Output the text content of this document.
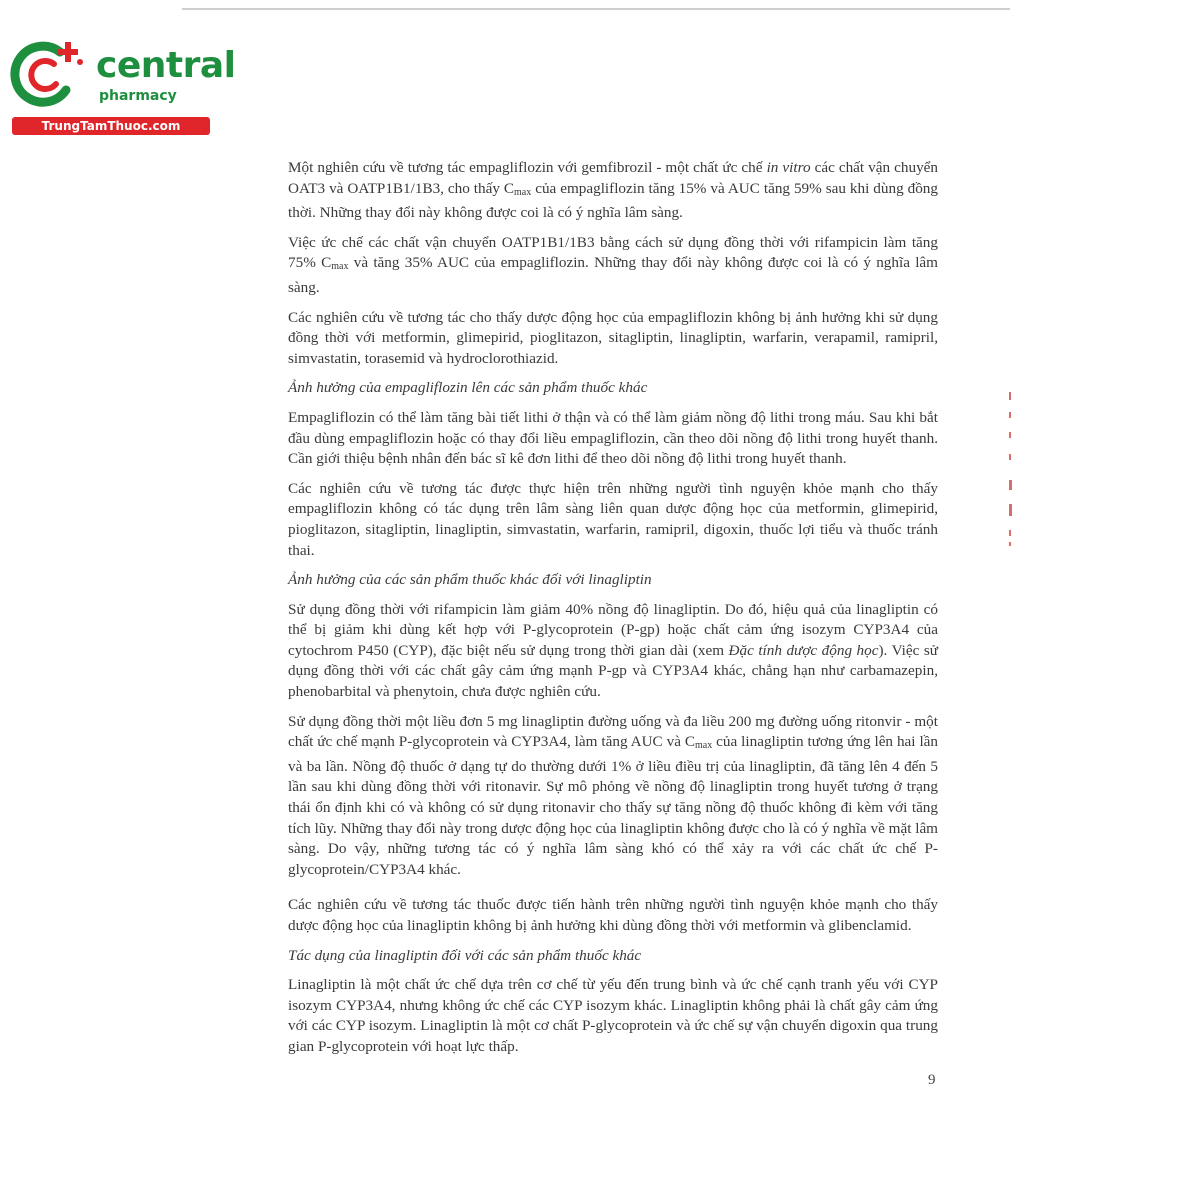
central
pharmacy
TrungTamThuoc.com

Một nghiên cứu về tương tác empagliflozin với gemfibrozil - một chất ức chế in vitro các chất vận chuyển OAT3 và OATP1B1/1B3, cho thấy $C_{max}$ của empagliflozin tăng 15% và AUC tăng 59% sau khi dùng đồng thời. Những thay đổi này không được coi là có ý nghĩa lâm sàng.

Việc ức chế các chất vận chuyển OATP1B1/1B3 bằng cách sử dụng đồng thời với rifampicin làm tăng 75% $C_{max}$ và tăng 35% AUC của empagliflozin. Những thay đổi này không được coi là có ý nghĩa lâm sàng.

Các nghiên cứu về tương tác cho thấy dược động học của empagliflozin không bị ảnh hưởng khi sử dụng đồng thời với metformin, glimepirid, pioglitazon, sitagliptin, linagliptin, warfarin, verapamil, ramipril, simvastatin, torasemid và hydroclorothiazid.

Ảnh hưởng của empagliflozin lên các sản phẩm thuốc khác

Empagliflozin có thể làm tăng bài tiết lithi ở thận và có thể làm giảm nồng độ lithi trong máu. Sau khi bắt đầu dùng empagliflozin hoặc có thay đổi liều empagliflozin, cần theo dõi nồng độ lithi trong huyết thanh. Cần giới thiệu bệnh nhân đến bác sĩ kê đơn lithi để theo dõi nồng độ lithi trong huyết thanh.

Các nghiên cứu về tương tác được thực hiện trên những người tình nguyện khỏe mạnh cho thấy empagliflozin không có tác dụng trên lâm sàng liên quan dược động học của metformin, glimepirid, pioglitazon, sitagliptin, linagliptin, simvastatin, warfarin, ramipril, digoxin, thuốc lợi tiểu và thuốc tránh thai.

Ảnh hưởng của các sản phẩm thuốc khác đối với linagliptin

Sử dụng đồng thời với rifampicin làm giảm 40% nồng độ linagliptin. Do đó, hiệu quả của linagliptin có thể bị giảm khi dùng kết hợp với P-glycoprotein (P-gp) hoặc chất cảm ứng isozym CYP3A4 của cytochrom P450 (CYP), đặc biệt nếu sử dụng trong thời gian dài (xem Đặc tính dược động học). Việc sử dụng đồng thời với các chất gây cảm ứng mạnh P-gp và CYP3A4 khác, chẳng hạn như carbamazepin, phenobarbital và phenytoin, chưa được nghiên cứu.

Sử dụng đồng thời một liều đơn 5 mg linagliptin đường uống và đa liều 200 mg đường uống ritonvir - một chất ức chế mạnh P-glycoprotein và CYP3A4, làm tăng AUC và $C_{max}$ của linagliptin tương ứng lên hai lần và ba lần. Nồng độ thuốc ở dạng tự do thường dưới 1% ở liều điều trị của linagliptin, đã tăng lên 4 đến 5 lần sau khi dùng đồng thời với ritonavir. Sự mô phỏng về nồng độ linagliptin trong huyết tương ở trạng thái ổn định khi có và không có sử dụng ritonavir cho thấy sự tăng nồng độ thuốc không đi kèm với tăng tích lũy. Những thay đổi này trong dược động học của linagliptin không được cho là có ý nghĩa về mặt lâm sàng. Do vậy, những tương tác có ý nghĩa lâm sàng khó có thể xảy ra với các chất ức chế P-glycoprotein/CYP3A4 khác.

Các nghiên cứu về tương tác thuốc được tiến hành trên những người tình nguyện khỏe mạnh cho thấy dược động học của linagliptin không bị ảnh hưởng khi dùng đồng thời với metformin và glibenclamid.

Tác dụng của linagliptin đối với các sản phẩm thuốc khác

Linagliptin là một chất ức chế dựa trên cơ chế từ yếu đến trung bình và ức chế cạnh tranh yếu với CYP isozym CYP3A4, nhưng không ức chế các CYP isozym khác. Linagliptin không phải là chất gây cảm ứng với các CYP isozym. Linagliptin là một cơ chất P-glycoprotein và ức chế sự vận chuyển digoxin qua trung gian P-glycoprotein với hoạt lực thấp.

9
